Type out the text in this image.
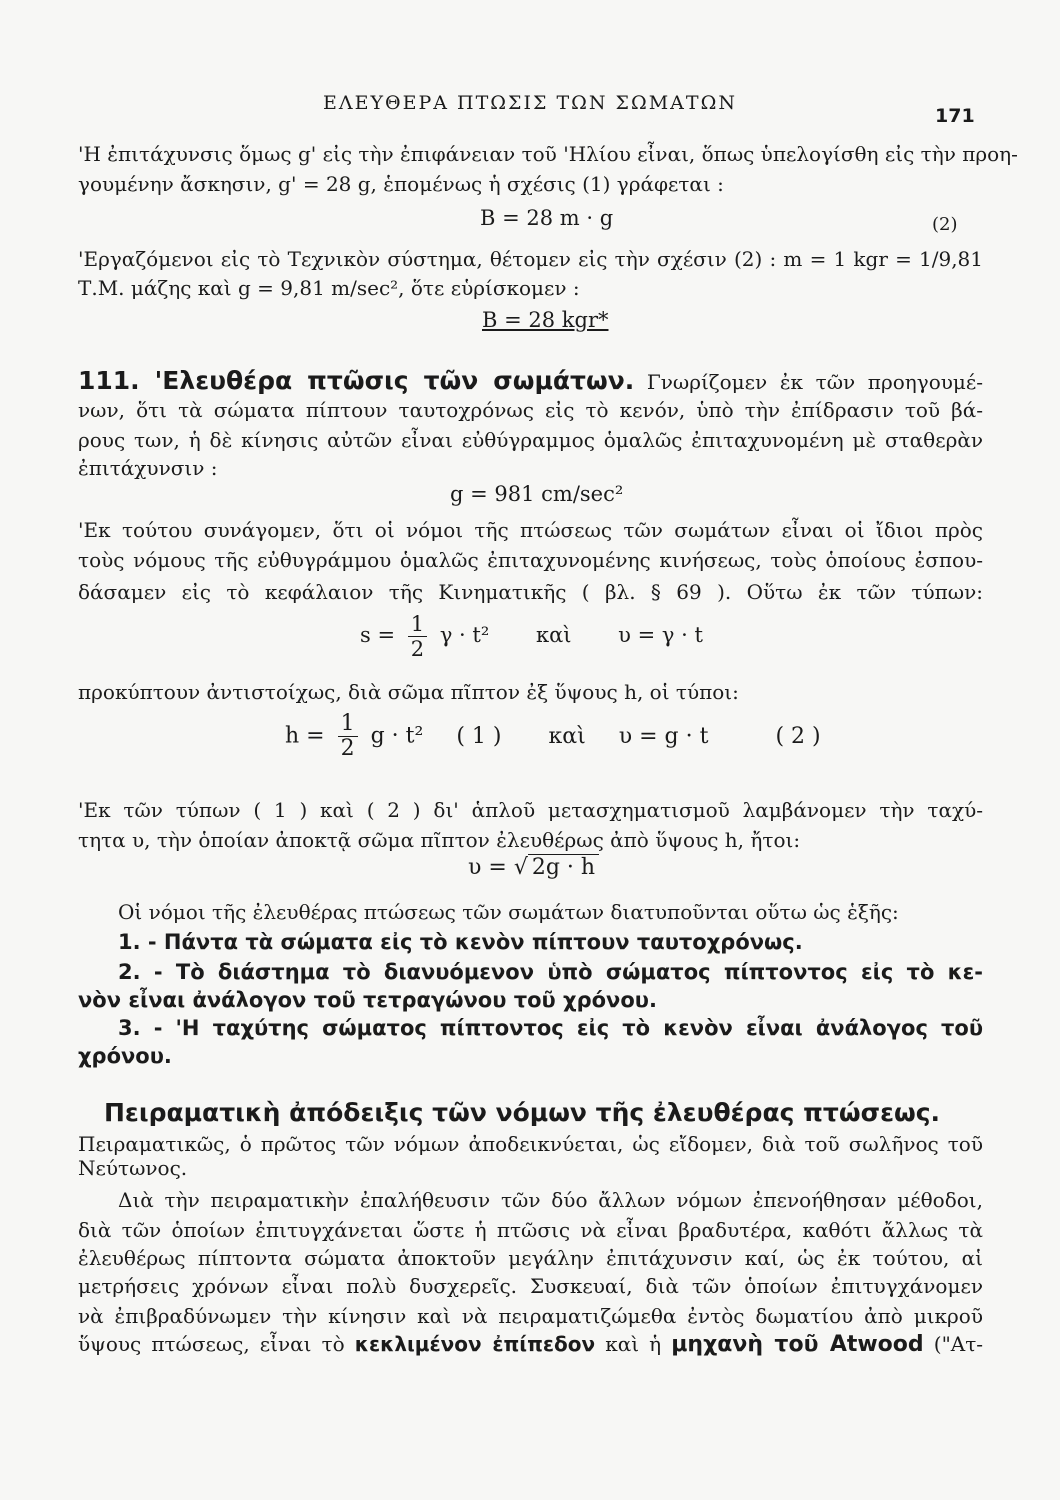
ΕΛΕΥΘΕΡΑ ΠΤΩΣΙΣ ΤΩΝ ΣΩΜΑΤΩΝ
171
'Η ἐπιτάχυνσις ὅμως g' εἰς τὴν ἐπιφάνειαν τοῦ 'Ηλίου εἶναι, ὅπως ὑπελογίσθη εἰς τὴν προη-
γουμένην ἄσκησιν, g' = 28 g, ἑπομένως ἡ σχέσις (1) γράφεται :
B = 28 m · g	(2)
'Εργαζόμενοι εἰς τὸ Τεχνικὸν σύστημα, θέτομεν εἰς τὴν σχέσιν (2) : m = 1 kgr = 1/9,81
Τ.Μ. μάζης καὶ g = 9,81 m/sec², ὅτε εὑρίσκομεν :
B = 28 kgr*
111. 'Ελευθέρα πτῶσις τῶν σωμάτων. Γνωρίζομεν ἐκ τῶν προηγουμέ-
νων, ὅτι τὰ σώματα πίπτουν ταυτοχρόνως εἰς τὸ κενόν, ὑπὸ τὴν ἐπίδρασιν τοῦ βά-
ρους των, ἡ δὲ κίνησις αὐτῶν εἶναι εὐθύγραμμος ὁμαλῶς ἐπιταχυνομένη μὲ σταθερὰν
ἐπιτάχυνσιν :
g = 981 cm/sec²
'Εκ τούτου συνάγομεν, ὅτι οἱ νόμοι τῆς πτώσεως τῶν σωμάτων εἶναι οἱ ἴδιοι πρὸς
τοὺς νόμους τῆς εὐθυγράμμου ὁμαλῶς ἐπιταχυνομένης κινήσεως, τοὺς ὁποίους ἐσπου-
δάσαμεν εἰς τὸ κεφάλαιον τῆς Κινηματικῆς ( βλ. § 69 ). Οὕτω ἐκ τῶν τύπων:
$s = \frac{1}{2}$ γ · t² καὶ υ = γ · t
προκύπτουν ἀντιστοίχως, διὰ σῶμα πῖπτον ἐξ ὕψους h, οἱ τύποι:
$h = \frac{1}{2}$ g · t² ( 1 ) καὶ υ = g · t	( 2 )
'Εκ τῶν τύπων ( 1 ) καὶ ( 2 ) δι' ἁπλοῦ μετασχηματισμοῦ λαμβάνομεν τὴν ταχύ-
τητα υ, τὴν ὁποίαν ἀποκτᾷ σῶμα πῖπτον ἐλευθέρως ἀπὸ ὕψους h, ἤτοι:
υ = √ 2g · h
Οἱ νόμοι τῆς ἐλευθέρας πτώσεως τῶν σωμάτων διατυποῦνται οὕτω ὡς ἑξῆς:
1. - Πάντα τὰ σώματα εἰς τὸ κενὸν πίπτουν ταυτοχρόνως.
2. - Τὸ διάστημα τὸ διανυόμενον ὑπὸ σώματος πίπτοντος εἰς τὸ κε-
νὸν εἶναι ἀνάλογον τοῦ τετραγώνου τοῦ χρόνου.
3. - 'Η ταχύτης σώματος πίπτοντος εἰς τὸ κενὸν εἶναι ἀνάλογος τοῦ
χρόνου.
Πειραματικὴ ἀπόδειξις τῶν νόμων τῆς ἐλευθέρας πτώσεως.
Πειραματικῶς, ὁ πρῶτος τῶν νόμων ἀποδεικνύεται, ὡς εἴδομεν, διὰ τοῦ σωλῆνος τοῦ
Νεύτωνος.
Διὰ τὴν πειραματικὴν ἐπαλήθευσιν τῶν δύο ἄλλων νόμων ἐπενοήθησαν μέθοδοι,
διὰ τῶν ὁποίων ἐπιτυγχάνεται ὥστε ἡ πτῶσις νὰ εἶναι βραδυτέρα, καθότι ἄλλως τὰ
ἐλευθέρως πίπτοντα σώματα ἀποκτοῦν μεγάλην ἐπιτάχυνσιν καί, ὡς ἐκ τούτου, αἱ
μετρήσεις χρόνων εἶναι πολὺ δυσχερεῖς. Συσκευαί, διὰ τῶν ὁποίων ἐπιτυγχάνομεν
νὰ ἐπιβραδύνωμεν τὴν κίνησιν καὶ νὰ πειραματιζώμεθα ἐντὸς δωματίου ἀπὸ μικροῦ
ὕψους πτώσεως, εἶναι τὸ κεκλιμένον ἐπίπεδον καὶ ἡ μηχανὴ τοῦ Atwood ("Ατ-
